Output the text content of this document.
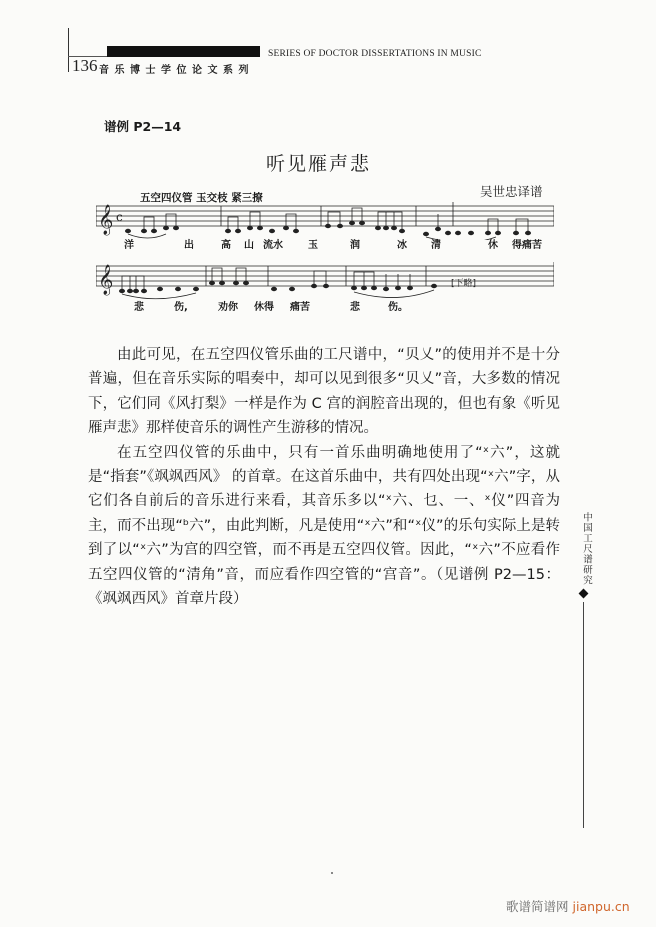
SERIES OF DOCTOR DISSERTATIONS IN MUSIC
136 音乐博士学位论文系列
谱例 P2—14
听见雁声悲
吴世忠译谱
五空四仪管 玉交枝 紧三撩
𝄞 c
洋	出	高 山 流水	玉	润	冰 清	休 得痛苦
𝄞	[下略]
悲	伤,	劝你 休得 痛苦	悲	伤。

由此可见，在五空四仪管乐曲的工尺谱中，“贝乂”的使用并不是十分普遍，但在音乐实际的唱奏中，却可以见到很多“贝乂”音，大多数的情况下，它们同《风打梨》一样是作为 C 宫的润腔音出现的，但也有象《听见雁声悲》那样使音乐的调性产生游移的情况。

在五空四仪管的乐曲中，只有一首乐曲明确地使用了“ˣ六”，这就是“指套”《飒飒西风》 的首章。在这首乐曲中，共有四处出现“ˣ六”字，从它们各自前后的音乐进行来看，其音乐多以“ˣ六、乜、一、ˣ仪”四音为主，而不出现“ᵇ六”，由此判断，凡是使用“ˣ六”和“ˣ仪”的乐句实际上是转到了以“ˣ六”为宫的四空管，而不再是五空四仪管。因此，“ˣ六”不应看作五空四仪管的“清角”音，而应看作四空管的“宫音”。（见谱例 P2—15：《飒飒西风》首章片段）

中国工尺谱研究
歌谱简谱网 jianpu.cn
